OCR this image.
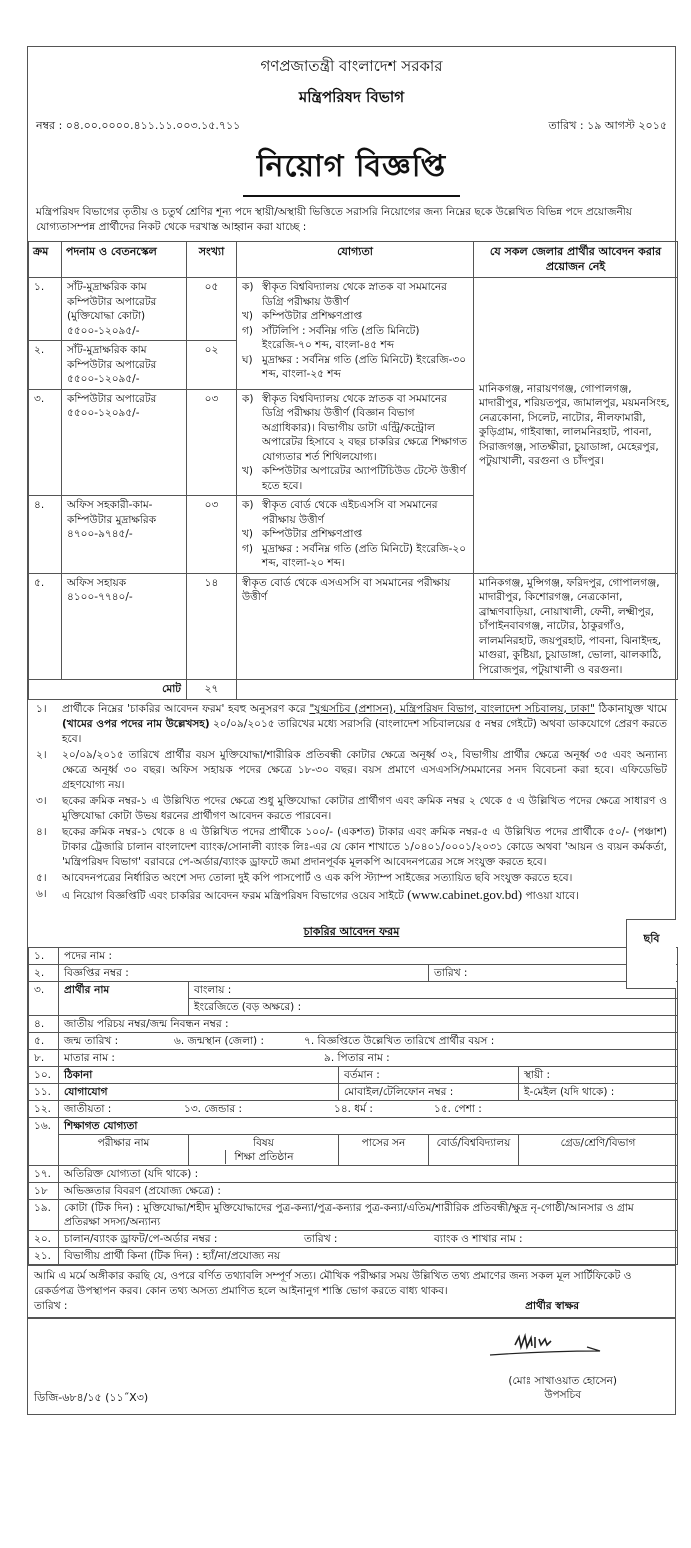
গণপ্রজাতন্ত্রী বাংলাদেশ সরকার
মন্ত্রিপরিষদ বিভাগ
নম্বর : ০৪.০০.০০০০.৪১১.১১.০০৩.১৫.৭১১	তারিখ : ১৯ আগস্ট ২০১৫
নিয়োগ বিজ্ঞপ্তি
মন্ত্রিপরিষদ বিভাগের তৃতীয় ও চতুর্থ শ্রেণির শূন্য পদে স্থায়ী/অস্থায়ী ভিত্তিতে সরাসরি নিয়োগের জন্য নিম্নের ছকে উল্লেখিত বিভিন্ন পদে প্রয়োজনীয় যোগ্যতাসম্পন্ন প্রার্থীদের নিকট থেকে দরখাস্ত আহ্বান করা যাচ্ছে :
ক্রম	পদনাম ও বেতনস্কেল	সংখ্যা	যোগ্যতা	যে সকল জেলার প্রার্থীর আবেদন করার প্রয়োজন নেই
১.	সাঁট-মুদ্রাক্ষরিক কাম কম্পিউটার অপারেটর (মুক্তিযোদ্ধা কোটা)
৫৫০০-১২০৯৫/-
	০৫	ক) স্বীকৃত বিশ্ববিদ্যালয় থেকে স্নাতক বা সমমানের ডিগ্রি পরীক্ষায় উত্তীর্ণ
খ) কম্পিউটার প্রশিক্ষণপ্রাপ্ত
গ) সাঁটলিপি : সর্বনিম্ন গতি (প্রতি মিনিটে) ইংরেজি-৭০ শব্দ, বাংলা-৪৫ শব্দ
ঘ) মুদ্রাক্ষর : সর্বনিম্ন গতি (প্রতি মিনিটে) ইংরেজি-৩০ শব্দ, বাংলা-২৫ শব্দ
	মানিকগঞ্জ, নারায়ণগঞ্জ, গোপালগঞ্জ, মাদারীপুর, শরিয়তপুর, জামালপুর, ময়মনসিংহ, নেত্রকোনা, সিলেট, নাটোর, নীলফামারী, কুড়িগ্রাম, গাইবান্ধা, লালমনিরহাট, পাবনা, সিরাজগঞ্জ, সাতক্ষীরা, চুয়াডাঙ্গা, মেহেরপুর, পটুয়াখালী, বরগুনা ও চাঁদপুর।
২.	সাঁট-মুদ্রাক্ষরিক কাম কম্পিউটার অপারেটর
৫৫০০-১২০৯৫/-	০২		
৩.	কম্পিউটার অপারেটর
৫৫০০-১২০৯৫/-
	০৩	ক) স্বীকৃত বিশ্ববিদ্যালয় থেকে স্নাতক বা সমমানের ডিগ্রি পরীক্ষায় উত্তীর্ণ (বিজ্ঞান বিভাগ অগ্রাধিকার)। বিভাগীয় ডাটা এন্ট্রি/কন্ট্রোল অপারেটর হিসাবে ২ বছর চাকরির ক্ষেত্রে শিক্ষাগত যোগ্যতার শর্ত শিথিলযোগ্য।
খ) কম্পিউটার অপারেটর অ্যাপটিচিউড টেস্টে উত্তীর্ণ হতে হবে।

৪.	অফিস সহকারী-কাম-কম্পিউটার মুদ্রাক্ষরিক
৪৭০০-৯৭৪৫/-
	০৩	ক) স্বীকৃত বোর্ড থেকে এইচএসসি বা সমমানের পরীক্ষায় উত্তীর্ণ
খ) কম্পিউটার প্রশিক্ষণপ্রাপ্ত
গ) মুদ্রাক্ষর : সর্বনিম্ন গতি (প্রতি মিনিটে) ইংরেজি-২০ শব্দ, বাংলা-২০ শব্দ।

৫.	অফিস সহায়ক
৪১০০-৭৭৪০/-	১৪	স্বীকৃত বোর্ড থেকে এসএসসি বা সমমানের পরীক্ষায় উত্তীর্ণ	মানিকগঞ্জ, মুন্সিগঞ্জ, ফরিদপুর, গোপালগঞ্জ, মাদারীপুর, কিশোরগঞ্জ, নেত্রকোনা, ব্রাহ্মণবাড়িয়া, নোয়াখালী, ফেনী, লক্ষ্মীপুর, চাঁপাইনবাবগঞ্জ, নাটোর, ঠাকুরগাঁও, লালমনিরহাট, জয়পুরহাট, পাবনা, ঝিনাইদহ, মাগুরা, কুষ্টিয়া, চুয়াডাঙ্গা, ভোলা, ঝালকাঠি, পিরোজপুর, পটুয়াখালী ও বরগুনা।
মোট		২৭		
১।	প্রার্থীকে নিম্নের 'চাকরির আবেদন ফরম' হবহু অনুসরণ করে "যুগ্মসচিব (প্রশাসন), মন্ত্রিপরিষদ বিভাগ, বাংলাদেশ সচিবালয়, ঢাকা" ঠিকানাযুক্ত খামে (খামের ওপর পদের নাম উল্লেখসহ) ২০/০৯/২০১৫ তারিখের মধ্যে সরাসরি (বাংলাদেশ সচিবালয়ের ৫ নম্বর গেইটে) অথবা ডাকযোগে প্রেরণ করতে হবে।
২।	২০/০৯/২০১৫ তারিখে প্রার্থীর বয়স মুক্তিযোদ্ধা/শারীরিক প্রতিবন্ধী কোটার ক্ষেত্রে অনূর্ধ্ব ৩২, বিভাগীয় প্রার্থীর ক্ষেত্রে অনূর্ধ্ব ৩৫ এবং অন্যান্য ক্ষেত্রে অনূর্ধ্ব ৩০ বছর। অফিস সহায়ক পদের ক্ষেত্রে ১৮-৩০ বছর। বয়স প্রমাণে এসএসসি/সমমানের সনদ বিবেচনা করা হবে। এফিডেভিট গ্রহণযোগ্য নয়।
৩।	ছকের ক্রমিক নম্বর-১ এ উল্লিখিত পদের ক্ষেত্রে শুধু মুক্তিযোদ্ধা কোটার প্রার্থীগণ এবং ক্রমিক নম্বর ২ থেকে ৫ এ উল্লিখিত পদের ক্ষেত্রে সাধারণ ও মুক্তিযোদ্ধা কোটা উভয় ধরনের প্রার্থীগণ আবেদন করতে পারবেন।
৪।	ছকের ক্রমিক নম্বর-১ থেকে ৪ এ উল্লিখিত পদের প্রার্থীকে ১০০/- (একশত) টাকার এবং ক্রমিক নম্বর-৫ এ উল্লিখিত পদের প্রার্থীকে ৫০/- (পঞ্চাশ) টাকার ট্রেজারি চালান বাংলাদেশ ব্যাংক/সোনালী ব্যাংক লিঃ-এর যে কোন শাখাতে ১/০৪০১/০০০১/২০৩১ কোডে অথবা 'আয়ন ও ব্যয়ন কর্মকর্তা, 'মন্ত্রিপরিষদ বিভাগ' বরাবরে পে-অর্ডার/ব্যাংক ড্রাফটে জমা প্রদানপূর্বক মূলকপি আবেদনপত্রের সঙ্গে সংযুক্ত করতে হবে।
৫।	আবেদনপত্রের নির্ধারিত অংশে সদ্য তোলা দুই কপি পাসপোর্ট ও এক কপি স্ট্যাম্প সাইজের সত্যায়িত ছবি সংযুক্ত করতে হবে।
৬।	এ নিয়োগ বিজ্ঞপ্তিটি এবং চাকরির আবেদন ফরম মন্ত্রিপরিষদ বিভাগের ওয়েব সাইটে (www.cabinet.gov.bd) পাওয়া যাবে।
চাকরির আবেদন ফরম
ছবি
১.	পদের নাম :				
২.	বিজ্ঞপ্তির নম্বর :			তারিখ :	
৩.	প্রার্থীর নাম	বাংলায় :			
		ইংরেজিতে (বড় অক্ষরে) :			
৪.	জাতীয় পরিচয় নম্বর/জন্ম নিবন্ধন নম্বর :				
৫.	জন্ম তারিখ : ৬. জন্মস্থান (জেলা) : ৭. বিজ্ঞপ্তিতে উল্লেখিত তারিখে প্রার্থীর বয়স :				
৮.	মাতার নাম : ৯. পিতার নাম :				
১০.	ঠিকানা		বর্তমান :		স্থায়ী :
১১.	যোগাযোগ		মোবাইল/টেলিফোন নম্বর :		ই-মেইল (যদি থাকে) :
১২.	জাতীয়তা : ১৩. জেন্ডার : ১৪. ধর্ম : ১৫. পেশা :				
১৬.	শিক্ষাগত যোগ্যতা				
	পরীক্ষার নাম	বিষয়শিক্ষা প্রতিষ্ঠান	পাসের সন	বোর্ড/বিশ্ববিদ্যালয়	গ্রেড/শ্রেণি/বিভাগ
১৭.	অতিরিক্ত যোগ্যতা (যদি থাকে) :				
১৮	অভিজ্ঞতার বিবরণ (প্রযোজ্য ক্ষেত্রে) :				
১৯.	কোটা (টিক দিন) : মুক্তিযোদ্ধা/শহীদ মুক্তিযোদ্ধাদের পুত্র-কন্যা/পুত্র-কন্যার পুত্র-কন্যা/এতিম/শারীরিক প্রতিবন্ধী/ক্ষুদ্র নৃ-গোষ্ঠী/আনসার ও গ্রাম প্রতিরক্ষা সদস্য/অন্যান্য				
২০.	চালান/ব্যাংক ড্রাফট/পে-অর্ডার নম্বর : তারিখ : ব্যাংক ও শাখার নাম :				
২১.	বিভাগীয় প্রার্থী কিনা (টিক দিন) : হ্যাঁ/না/প্রযোজ্য নয়				
আমি এ মর্মে অঙ্গীকার করছি যে, ওপরে বর্ণিত তথ্যাবলি সম্পূর্ণ সত্য। মৌখিক পরীক্ষার সময় উল্লিখিত তথ্য প্রমাণের জন্য সকল মূল সার্টিফিকেট ও রেকর্ডপত্র উপস্থাপন করব। কোন তথ্য অসত্য প্রমাণিত হলে আইনানুগ শাস্তি ভোগ করতে বাধ্য থাকব।
তারিখ :	প্রার্থীর স্বাক্ষর
(মোঃ সাখাওয়াত হোসেন)
উপসচিব
ডিজি-৬৮৪/১৫ (১১˝X৩)
